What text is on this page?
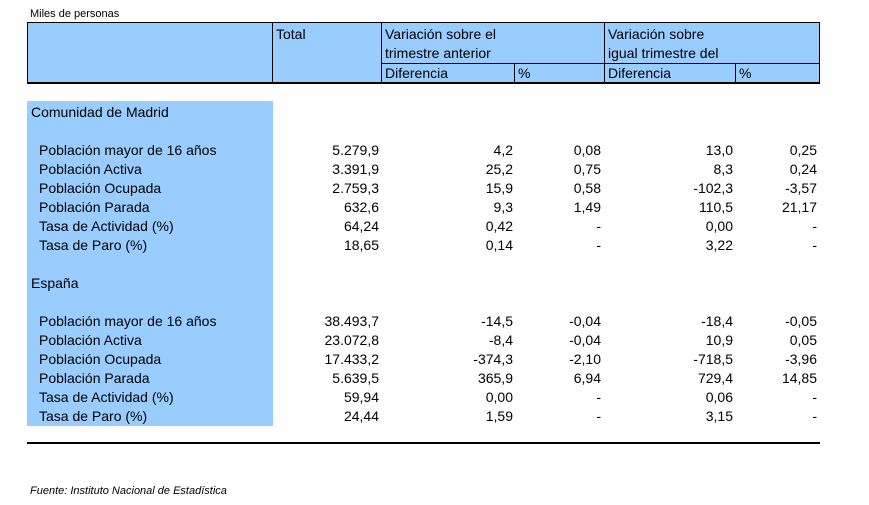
Miles de personas
Total	Variación sobre el
trimestre anterior
Variación sobre
igual trimestre del
Diferencia	%	Diferencia	%
Comunidad de Madrid
Población mayor de 16 años	5.279,9	4,2	0,08	13,0	0,25
Población Activa	3.391,9	25,2	0,75	8,3	0,24
Población Ocupada	2.759,3	15,9	0,58	-102,3	-3,57
Población Parada	632,6	9,3	1,49	110,5	21,17
Tasa de Actividad (%)	64,24	0,42	-	0,00	-
Tasa de Paro (%)	18,65	0,14	-	3,22	-
España
Población mayor de 16 años	38.493,7	-14,5	-0,04	-18,4	-0,05
Población Activa	23.072,8	-8,4	-0,04	10,9	0,05
Población Ocupada	17.433,2	-374,3	-2,10	-718,5	-3,96
Población Parada	5.639,5	365,9	6,94	729,4	14,85
Tasa de Actividad (%)	59,94	0,00	-	0,06	-
Tasa de Paro (%)	24,44	1,59	-	3,15	-
Fuente: Instituto Nacional de Estadística
